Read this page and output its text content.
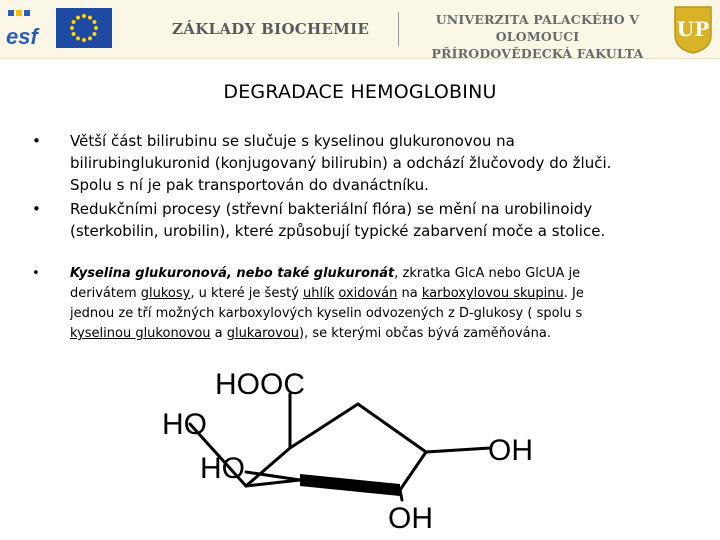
esf	ZÁKLADY BIOCHEMIE
UNIVERZITA PALACKÉHO V OLOMOUCI
PŘÍRODOVĚDECKÁ FAKULTA
UP
DEGRADACE HEMOGLOBINU
• Větší část bilirubinu se slučuje s kyselinou glukuronovou na
bilirubinglukuronid (konjugovaný bilirubin) a odchází žlučovody do žluči.
Spolu s ní je pak transportován do dvanáctníku.
• Redukčními procesy (střevní bakteriální flóra) se mění na urobilinoidy
(sterkobilin, urobilin), které způsobují typické zabarvení moče a stolice.
• Kyselina glukuronová, nebo také glukuronát, zkratka GlcA nebo GlcUA je
derivátem glukosy, u které je šestý uhlík oxidován na karboxylovou skupinu. Je
jednou ze tří možných karboxylových kyselin odvozených z D-glukosy ( spolu s
kyselinou glukonovou a glukarovou), se kterými občas bývá zaměňována.
HOOC
HO
HO
OH
OH
